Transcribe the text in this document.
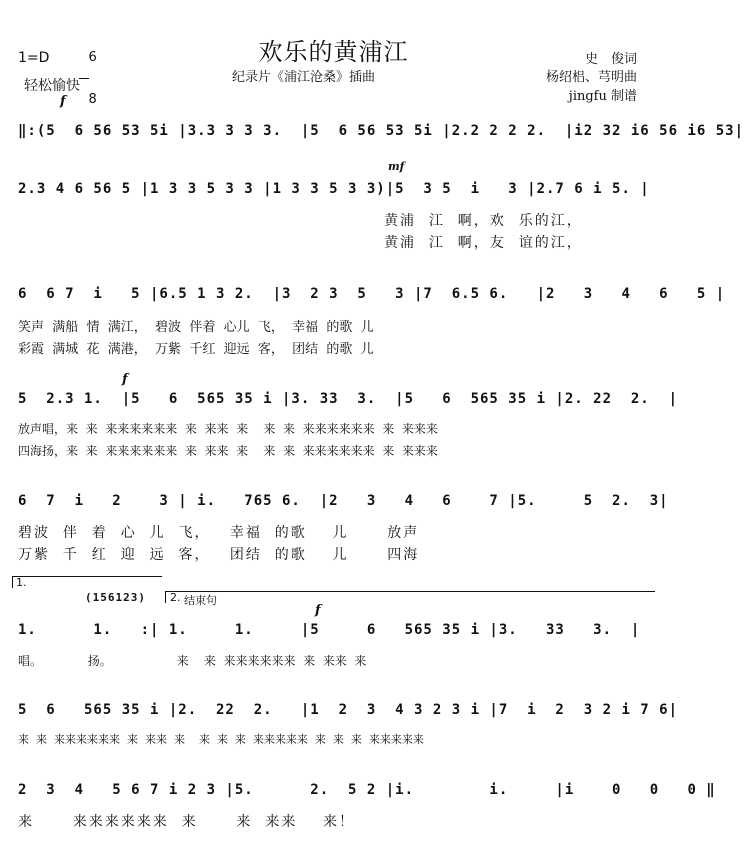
欢乐的黄浦江
纪录片《浦江沧桑》插曲
1=D	6

8

轻松愉快
史　俊词
杨绍梠、芎明曲
jingfu 制谱
f
mf
f
f
‖:(5  6 56 53 5i |3.3 3 3 3.  |5  6 56 53 5i |2.2 2 2 2.  |i2 32 i6 56 i6 53|
2.3 4 6 56 5 |1 3 3 5 3 3 |1 3 3 5 3 3)|5  3 5  i   3 |2.7 6 i 5. |
黄浦  江  啊，欢  乐的江，
黄浦  江  啊，友  谊的江，
6  6 7  i   5 |6.5 1 3 2.  |3  2 3  5   3 |7  6.5 6.   |2   3   4   6   5 |
笑声  满船  情  满江，  碧波  伴着  心儿  飞，  幸福  的歌  儿
彩霞  满城  花  满港，  万紫  千红  迎远  客，  团结  的歌  儿
5  2.3 1.  |5   6  565 35 i |3. 33  3.  |5   6  565 35 i |2. 22  2.  |
放声唱，来  来  来来来来来来  来  来来  来    来  来  来来来来来来  来  来来来
四海扬，来  来  来来来来来来  来  来来  来    来  来  来来来来来来  来  来来来
6  7  i   2    3 | i.   765 6.  |2   3   4   6    7 |5.     5  2.  3|
碧波  伴  着  心  儿  飞，   幸福  的歌    儿      放声
万紫  千  红  迎  远  客，   团结  的歌    儿      四海
1.
(156123) 2. 结束句
1.      1.   :| 1.     1.     |5     6   565 35 i |3.   33   3.  |
唱。            扬。                 来    来  来来来来来来  来  来来  来
5  6   565 35 i |2.  22  2.   |1  2  3  4 3 2 3 i |7  i  2  3 2 i 7 6|
来  来  来来来来来来  来  来来  来    来  来  来  来来来来来  来  来  来  来来来来来
2  3  4   5 6 7 i 2 3 |5.      2.  5 2 |i.        i.     |i    0   0   0 ‖
来      来来来来来来  来      来  来来    来！
